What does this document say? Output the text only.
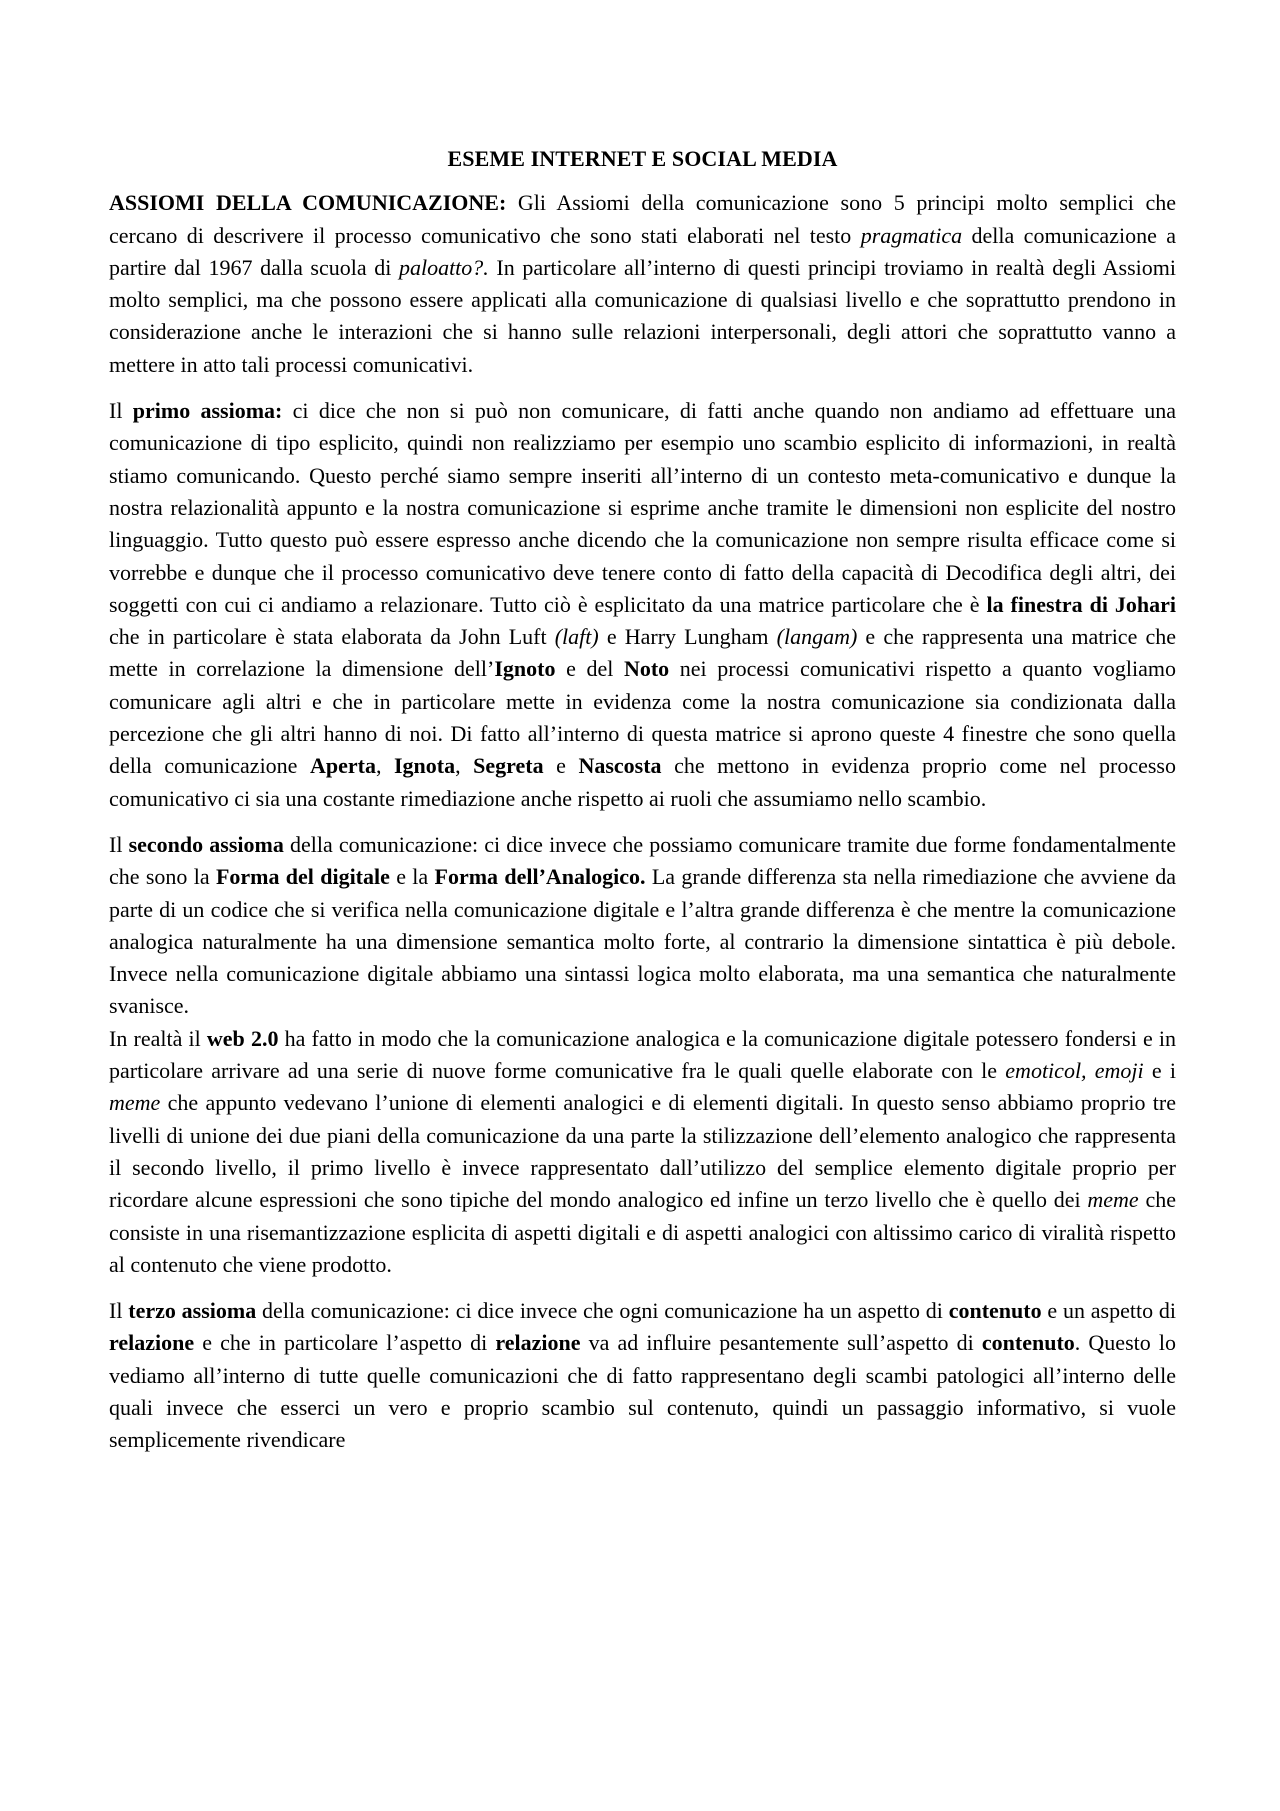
ESEME INTERNET E SOCIAL MEDIA

ASSIOMI DELLA COMUNICAZIONE: Gli Assiomi della comunicazione sono 5 principi molto semplici che cercano di descrivere il processo comunicativo che sono stati elaborati nel testo pragmatica della comunicazione a partire dal 1967 dalla scuola di paloatto?. In particolare all’interno di questi principi troviamo in realtà degli Assiomi molto semplici, ma che possono essere applicati alla comunicazione di qualsiasi livello e che soprattutto prendono in considerazione anche le interazioni che si hanno sulle relazioni interpersonali, degli attori che soprattutto vanno a mettere in atto tali processi comunicativi.

Il primo assioma: ci dice che non si può non comunicare, di fatti anche quando non andiamo ad effettuare una comunicazione di tipo esplicito, quindi non realizziamo per esempio uno scambio esplicito di informazioni, in realtà stiamo comunicando. Questo perché siamo sempre inseriti all’interno di un contesto meta-comunicativo e dunque la nostra relazionalità appunto e la nostra comunicazione si esprime anche tramite le dimensioni non esplicite del nostro linguaggio. Tutto questo può essere espresso anche dicendo che la comunicazione non sempre risulta efficace come si vorrebbe e dunque che il processo comunicativo deve tenere conto di fatto della capacità di Decodifica degli altri, dei soggetti con cui ci andiamo a relazionare. Tutto ciò è esplicitato da una matrice particolare che è la finestra di Johari che in particolare è stata elaborata da John Luft (laft) e Harry Lungham (langam) e che rappresenta una matrice che mette in correlazione la dimensione dell’Ignoto e del Noto nei processi comunicativi rispetto a quanto vogliamo comunicare agli altri e che in particolare mette in evidenza come la nostra comunicazione sia condizionata dalla percezione che gli altri hanno di noi. Di fatto all’interno di questa matrice si aprono queste 4 finestre che sono quella della comunicazione Aperta, Ignota, Segreta e Nascosta che mettono in evidenza proprio come nel processo comunicativo ci sia una costante rimediazione anche rispetto ai ruoli che assumiamo nello scambio.

Il secondo assioma della comunicazione: ci dice invece che possiamo comunicare tramite due forme fondamentalmente che sono la Forma del digitale e la Forma dell’Analogico. La grande differenza sta nella rimediazione che avviene da parte di un codice che si verifica nella comunicazione digitale e l’altra grande differenza è che mentre la comunicazione analogica naturalmente ha una dimensione semantica molto forte, al contrario la dimensione sintattica è più debole. Invece nella comunicazione digitale abbiamo una sintassi logica molto elaborata, ma una semantica che naturalmente svanisce.

In realtà il web 2.0 ha fatto in modo che la comunicazione analogica e la comunicazione digitale potessero fondersi e in particolare arrivare ad una serie di nuove forme comunicative fra le quali quelle elaborate con le emoticol, emoji e i meme che appunto vedevano l’unione di elementi analogici e di elementi digitali. In questo senso abbiamo proprio tre livelli di unione dei due piani della comunicazione da una parte la stilizzazione dell’elemento analogico che rappresenta il secondo livello, il primo livello è invece rappresentato dall’utilizzo del semplice elemento digitale proprio per ricordare alcune espressioni che sono tipiche del mondo analogico ed infine un terzo livello che è quello dei meme che consiste in una risemantizzazione esplicita di aspetti digitali e di aspetti analogici con altissimo carico di viralità rispetto al contenuto che viene prodotto.

Il terzo assioma della comunicazione: ci dice invece che ogni comunicazione ha un aspetto di contenuto e un aspetto di relazione e che in particolare l’aspetto di relazione va ad influire pesantemente sull’aspetto di contenuto. Questo lo vediamo all’interno di tutte quelle comunicazioni che di fatto rappresentano degli scambi patologici all’interno delle quali invece che esserci un vero e proprio scambio sul contenuto, quindi un passaggio informativo, si vuole semplicemente rivendicare
